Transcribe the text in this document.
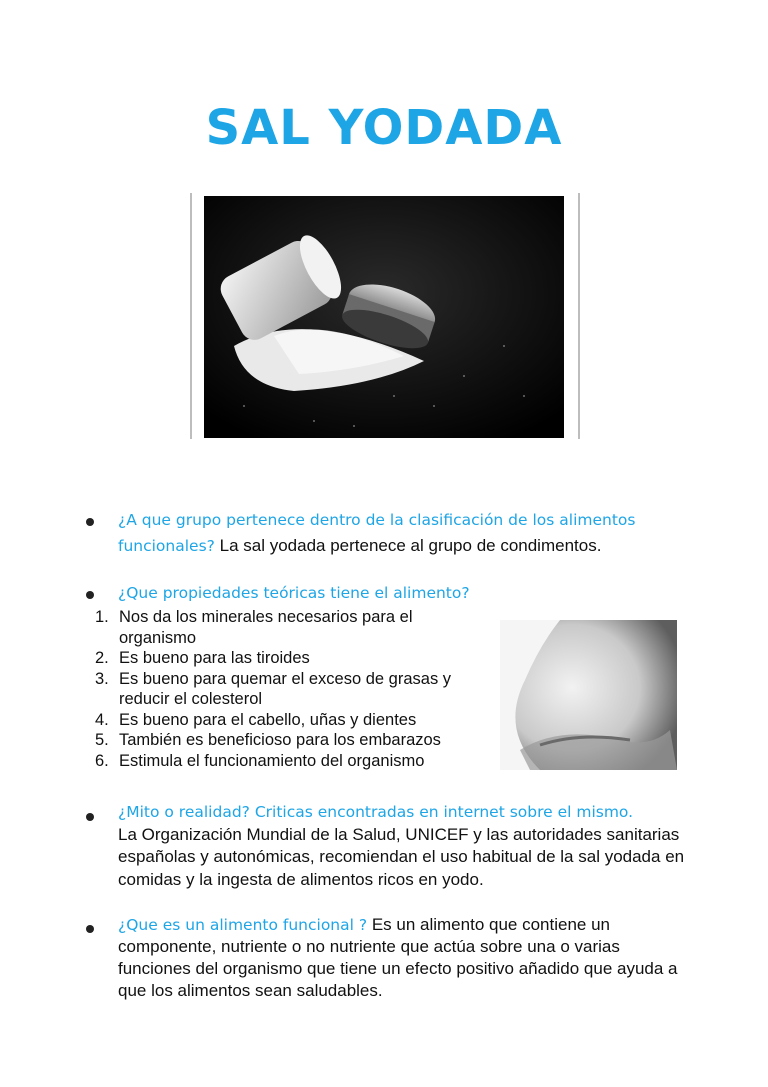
SAL YODADA
¿A que grupo pertenece dentro de la clasificación de los alimentos funcionales? La sal yodada pertenece al grupo de condimentos.
¿Que propiedades teóricas tiene el alimento?
1. Nos da los minerales necesarios para el organismo
2. Es bueno para las tiroides
3. Es bueno para quemar el exceso de grasas y reducir el colesterol
4. Es bueno para el cabello, uñas y dientes
5. También es beneficioso para los embarazos
6. Estimula el funcionamiento del organismo
¿Mito o realidad? Criticas encontradas en internet sobre el mismo.
La Organización Mundial de la Salud, UNICEF y las autoridades sanitarias españolas y autonómicas, recomiendan el uso habitual de la sal yodada en comidas y la ingesta de alimentos ricos en yodo.
¿Que es un alimento funcional ? Es un alimento que contiene un componente, nutriente o no nutriente que actúa sobre una o varias funciones del organismo que tiene un efecto positivo añadido que ayuda a que los alimentos sean saludables.
